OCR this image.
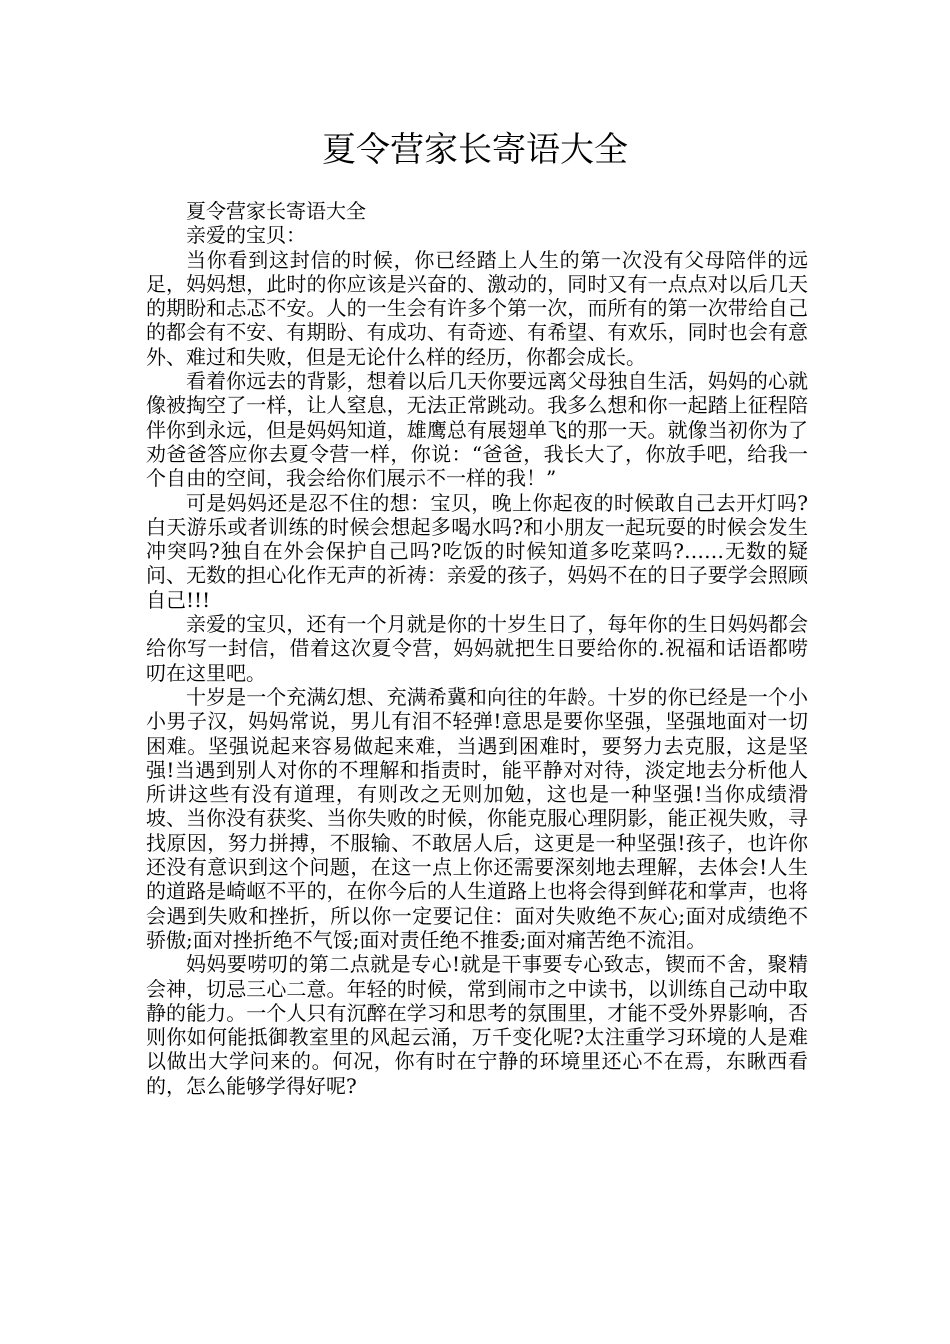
夏令营家长寄语大全

夏令营家长寄语大全

亲爱的宝贝：

当你看到这封信的时候，你已经踏上人生的第一次没有父母陪伴的远足，妈妈想，此时的你应该是兴奋的、激动的，同时又有一点点对以后几天的期盼和忐忑不安。人的一生会有许多个第一次，而所有的第一次带给自己的都会有不安、有期盼、有成功、有奇迹、有希望、有欢乐，同时也会有意外、难过和失败，但是无论什么样的经历，你都会成长。

看着你远去的背影，想着以后几天你要远离父母独自生活，妈妈的心就像被掏空了一样，让人窒息，无法正常跳动。我多么想和你一起踏上征程陪伴你到永远，但是妈妈知道，雄鹰总有展翅单飞的那一天。就像当初你为了劝爸爸答应你去夏令营一样，你说：“爸爸，我长大了，你放手吧，给我一个自由的空间，我会给你们展示不一样的我！”

可是妈妈还是忍不住的想：宝贝，晚上你起夜的时候敢自己去开灯吗?白天游乐或者训练的时候会想起多喝水吗?和小朋友一起玩耍的时候会发生冲突吗?独自在外会保护自己吗?吃饭的时候知道多吃菜吗?……无数的疑问、无数的担心化作无声的祈祷：亲爱的孩子，妈妈不在的日子要学会照顾自己!!!

亲爱的宝贝，还有一个月就是你的十岁生日了，每年你的生日妈妈都会给你写一封信，借着这次夏令营，妈妈就把生日要给你的.祝福和话语都唠叨在这里吧。

十岁是一个充满幻想、充满希冀和向往的年龄。十岁的你已经是一个小小男子汉，妈妈常说，男儿有泪不轻弹!意思是要你坚强，坚强地面对一切困难。坚强说起来容易做起来难，当遇到困难时，要努力去克服，这是坚强!当遇到别人对你的不理解和指责时，能平静对对待，淡定地去分析他人所讲这些有没有道理，有则改之无则加勉，这也是一种坚强!当你成绩滑坡、当你没有获奖、当你失败的时候，你能克服心理阴影，能正视失败，寻找原因，努力拼搏，不服输、不敢居人后，这更是一种坚强!孩子，也许你还没有意识到这个问题，在这一点上你还需要深刻地去理解，去体会!人生的道路是崎岖不平的，在你今后的人生道路上也将会得到鲜花和掌声，也将会遇到失败和挫折，所以你一定要记住：面对失败绝不灰心;面对成绩绝不骄傲;面对挫折绝不气馁;面对责任绝不推委;面对痛苦绝不流泪。

妈妈要唠叨的第二点就是专心!就是干事要专心致志，锲而不舍，聚精会神，切忌三心二意。年轻的时候，常到闹市之中读书，以训练自己动中取静的能力。一个人只有沉醉在学习和思考的氛围里，才能不受外界影响，否则你如何能抵御教室里的风起云涌，万千变化呢?太注重学习环境的人是难以做出大学问来的。何况，你有时在宁静的环境里还心不在焉，东瞅西看的，怎么能够学得好呢?
